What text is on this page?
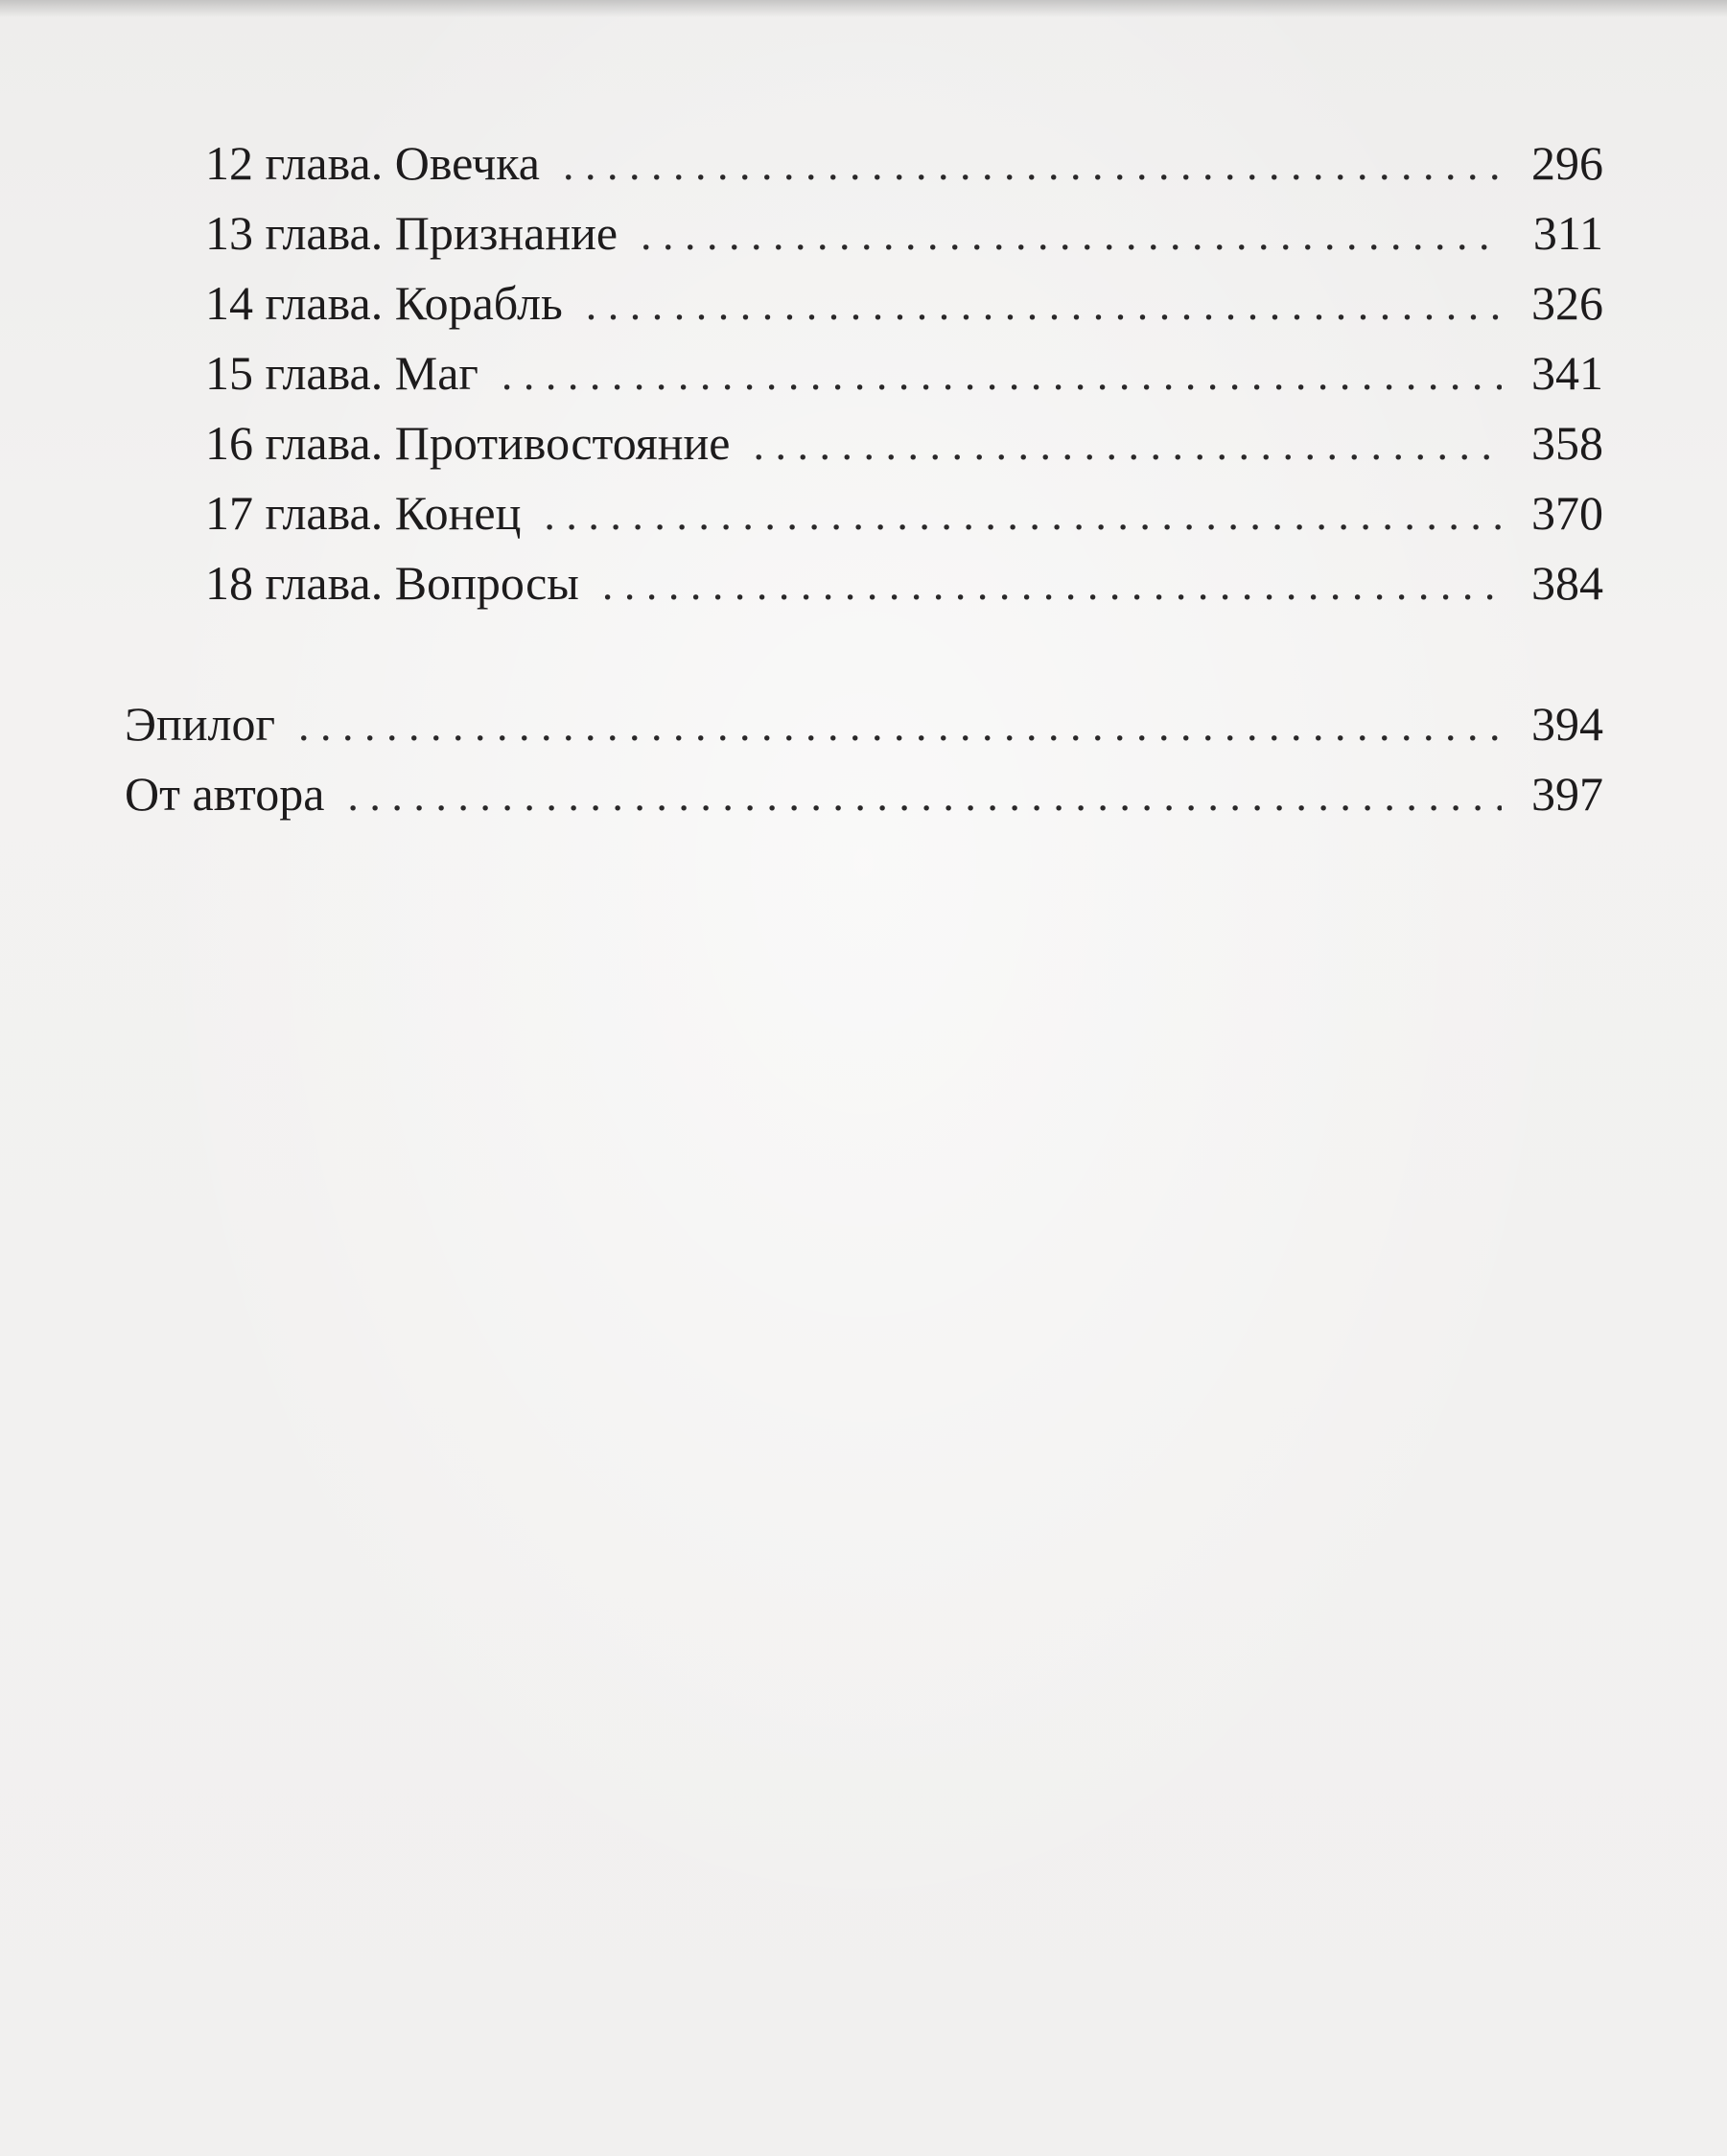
12 глава. Овечка . . .	296
13 глава. Признание . . .	311
14 глава. Корабль . . .	326
15 глава. Маг . . .	341
16 глава. Противостояние . . .	358
17 глава. Конец . . .	370
18 глава. Вопросы . . .	384
Эпилог . . .	394
От автора . . .	397
